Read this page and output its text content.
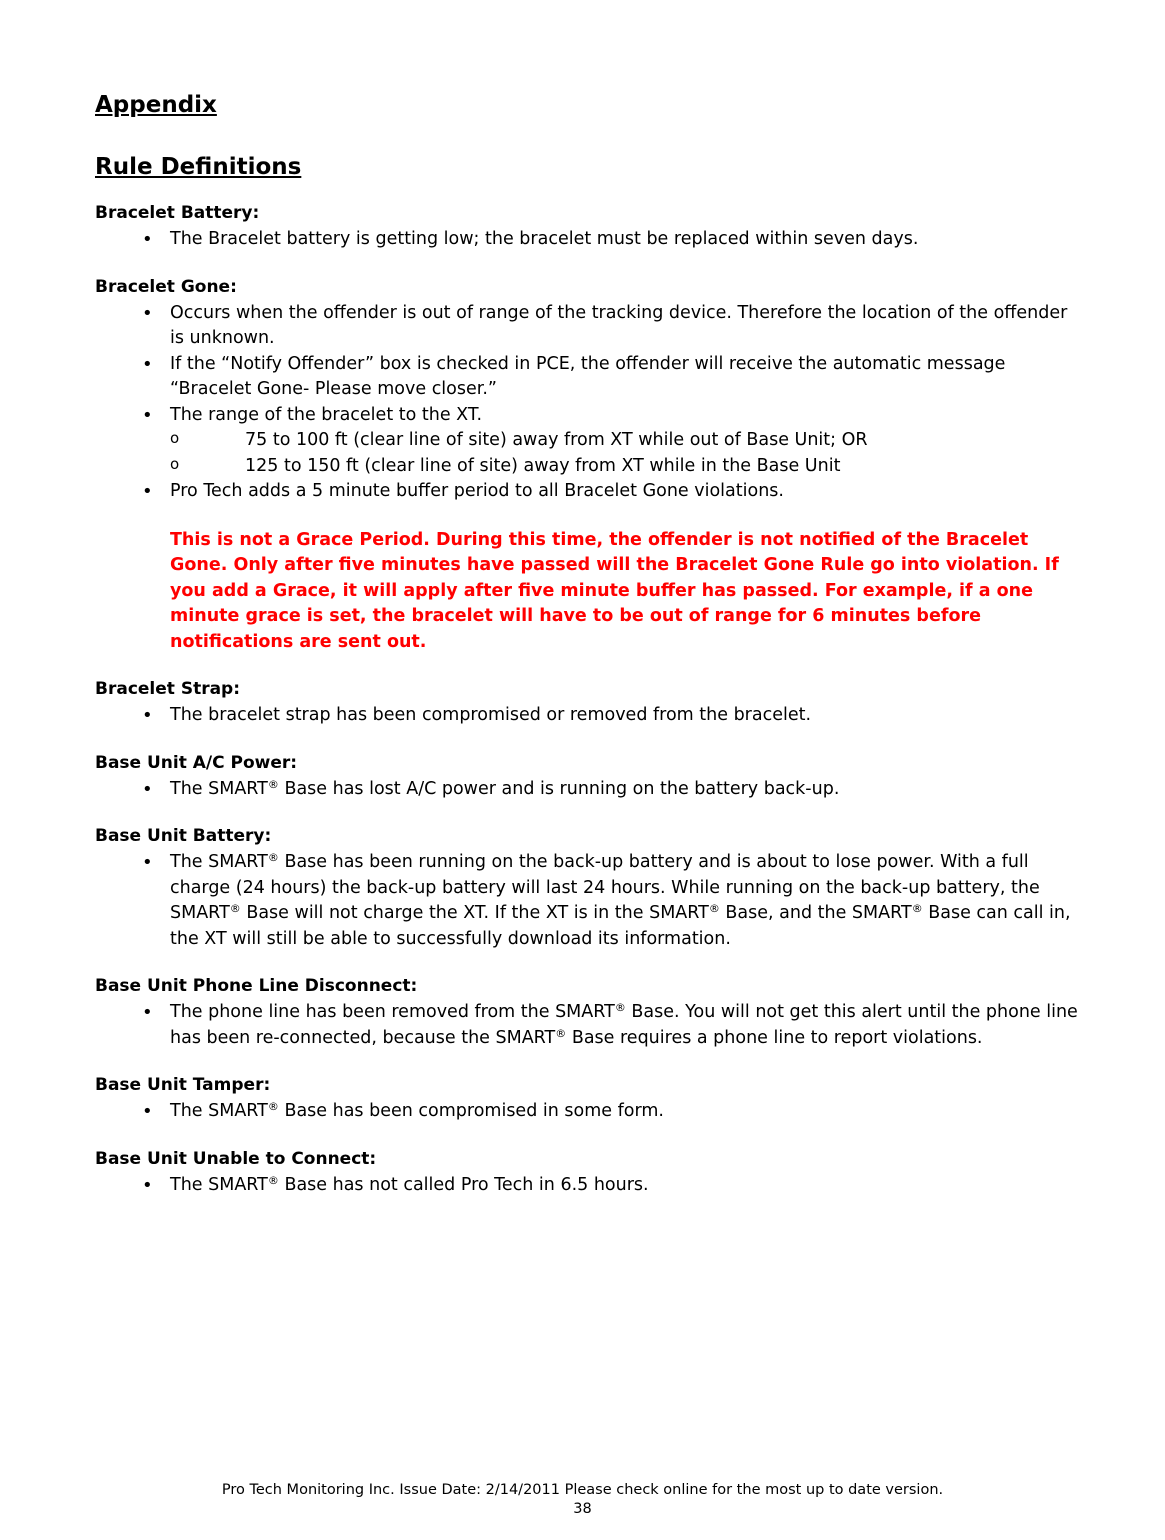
Appendix
Rule Definitions
Bracelet Battery:
• The Bracelet battery is getting low; the bracelet must be replaced within seven days.
Bracelet Gone:
• Occurs when the offender is out of range of the tracking device. Therefore the location of the offender is unknown.
• If the “Notify Offender” box is checked in PCE, the offender will receive the automatic message “Bracelet Gone- Please move closer.”
• The range of the bracelet to the XT.
o 75 to 100 ft (clear line of site) away from XT while out of Base Unit; OR
o 125 to 150 ft (clear line of site) away from XT while in the Base Unit
• Pro Tech adds a 5 minute buffer period to all Bracelet Gone violations.
This is not a Grace Period. During this time, the offender is not notified of the Bracelet Gone. Only after five minutes have passed will the Bracelet Gone Rule go into violation. If you add a Grace, it will apply after five minute buffer has passed. For example, if a one minute grace is set, the bracelet will have to be out of range for 6 minutes before notifications are sent out.
Bracelet Strap:
• The bracelet strap has been compromised or removed from the bracelet.
Base Unit A/C Power:
• The SMART® Base has lost A/C power and is running on the battery back-up.
Base Unit Battery:
• The SMART® Base has been running on the back-up battery and is about to lose power. With a full charge (24 hours) the back-up battery will last 24 hours. While running on the back-up battery, the SMART® Base will not charge the XT. If the XT is in the SMART® Base, and the SMART® Base can call in, the XT will still be able to successfully download its information.
Base Unit Phone Line Disconnect:
• The phone line has been removed from the SMART® Base. You will not get this alert until the phone line has been re-connected, because the SMART® Base requires a phone line to report violations.
Base Unit Tamper:
• The SMART® Base has been compromised in some form.
Base Unit Unable to Connect:
• The SMART® Base has not called Pro Tech in 6.5 hours.
Pro Tech Monitoring Inc. Issue Date: 2/14/2011 Please check online for the most up to date version.
38
